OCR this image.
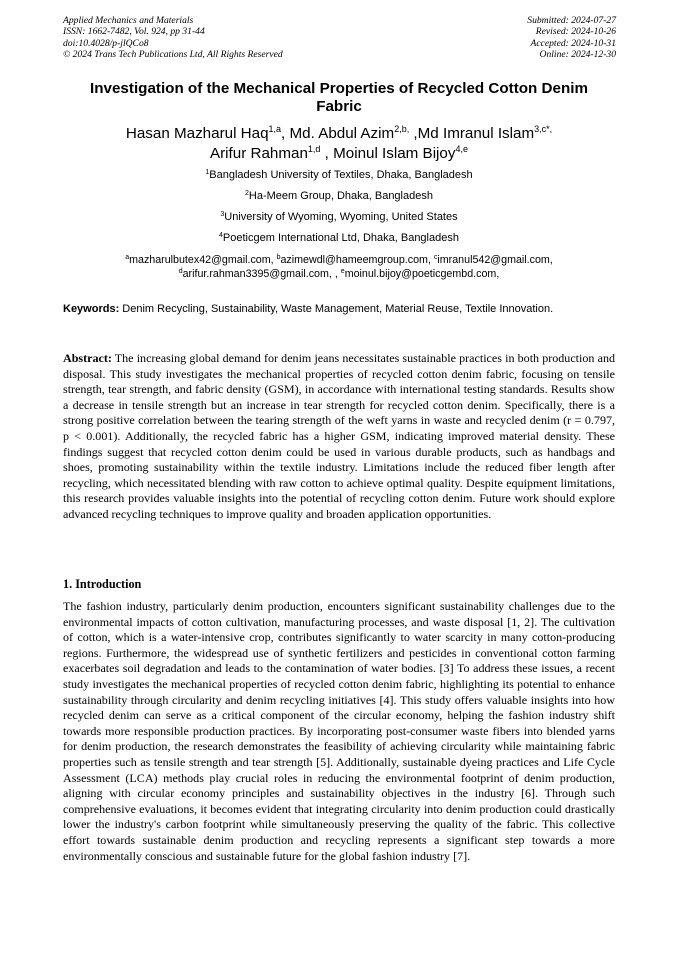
Applied Mechanics and Materials
ISSN: 1662-7482, Vol. 924, pp 31-44
doi:10.4028/p-jlQCo8
© 2024 Trans Tech Publications Ltd, All Rights Reserved
Submitted: 2024-07-27
Revised: 2024-10-26
Accepted: 2024-10-31
Online: 2024-12-30
Investigation of the Mechanical Properties of Recycled Cotton Denim Fabric
Hasan Mazharul Haq$^{1,a}$, Md. Abdul Azim$^{2,b,}$ ,Md Imranul Islam$^{3,c*,}$
Arifur Rahman$^{1,d}$ , Moinul Islam Bijoy$^{4,e}$
$^1$Bangladesh University of Textiles, Dhaka, Bangladesh
$^2$Ha-Meem Group, Dhaka, Bangladesh
$^3$University of Wyoming, Wyoming, United States
$^4$Poeticgem International Ltd, Dhaka, Bangladesh
$^a$mazharulbutex42@gmail.com, $^b$azimewdl@hameemgroup.com, $^c$imranul542@gmail.com,
$^d$arifur.rahman3395@gmail.com, , $^e$moinul.bijoy@poeticgembd.com,
Keywords: Denim Recycling, Sustainability, Waste Management, Material Reuse, Textile Innovation.
Abstract: The increasing global demand for denim jeans necessitates sustainable practices in both production and disposal. This study investigates the mechanical properties of recycled cotton denim fabric, focusing on tensile strength, tear strength, and fabric density (GSM), in accordance with international testing standards. Results show a decrease in tensile strength but an increase in tear strength for recycled cotton denim. Specifically, there is a strong positive correlation between the tearing strength of the weft yarns in waste and recycled denim (r = 0.797, p < 0.001). Additionally, the recycled fabric has a higher GSM, indicating improved material density. These findings suggest that recycled cotton denim could be used in various durable products, such as handbags and shoes, promoting sustainability within the textile industry. Limitations include the reduced fiber length after recycling, which necessitated blending with raw cotton to achieve optimal quality. Despite equipment limitations, this research provides valuable insights into the potential of recycling cotton denim. Future work should explore advanced recycling techniques to improve quality and broaden application opportunities.
1. Introduction
The fashion industry, particularly denim production, encounters significant sustainability challenges due to the environmental impacts of cotton cultivation, manufacturing processes, and waste disposal [1, 2]. The cultivation of cotton, which is a water-intensive crop, contributes significantly to water scarcity in many cotton-producing regions. Furthermore, the widespread use of synthetic fertilizers and pesticides in conventional cotton farming exacerbates soil degradation and leads to the contamination of water bodies. [3] To address these issues, a recent study investigates the mechanical properties of recycled cotton denim fabric, highlighting its potential to enhance sustainability through circularity and denim recycling initiatives [4]. This study offers valuable insights into how recycled denim can serve as a critical component of the circular economy, helping the fashion industry shift towards more responsible production practices. By incorporating post-consumer waste fibers into blended yarns for denim production, the research demonstrates the feasibility of achieving circularity while maintaining fabric properties such as tensile strength and tear strength [5]. Additionally, sustainable dyeing practices and Life Cycle Assessment (LCA) methods play crucial roles in reducing the environmental footprint of denim production, aligning with circular economy principles and sustainability objectives in the industry [6]. Through such comprehensive evaluations, it becomes evident that integrating circularity into denim production could drastically lower the industry's carbon footprint while simultaneously preserving the quality of the fabric. This collective effort towards sustainable denim production and recycling represents a significant step towards a more environmentally conscious and sustainable future for the global fashion industry [7].
